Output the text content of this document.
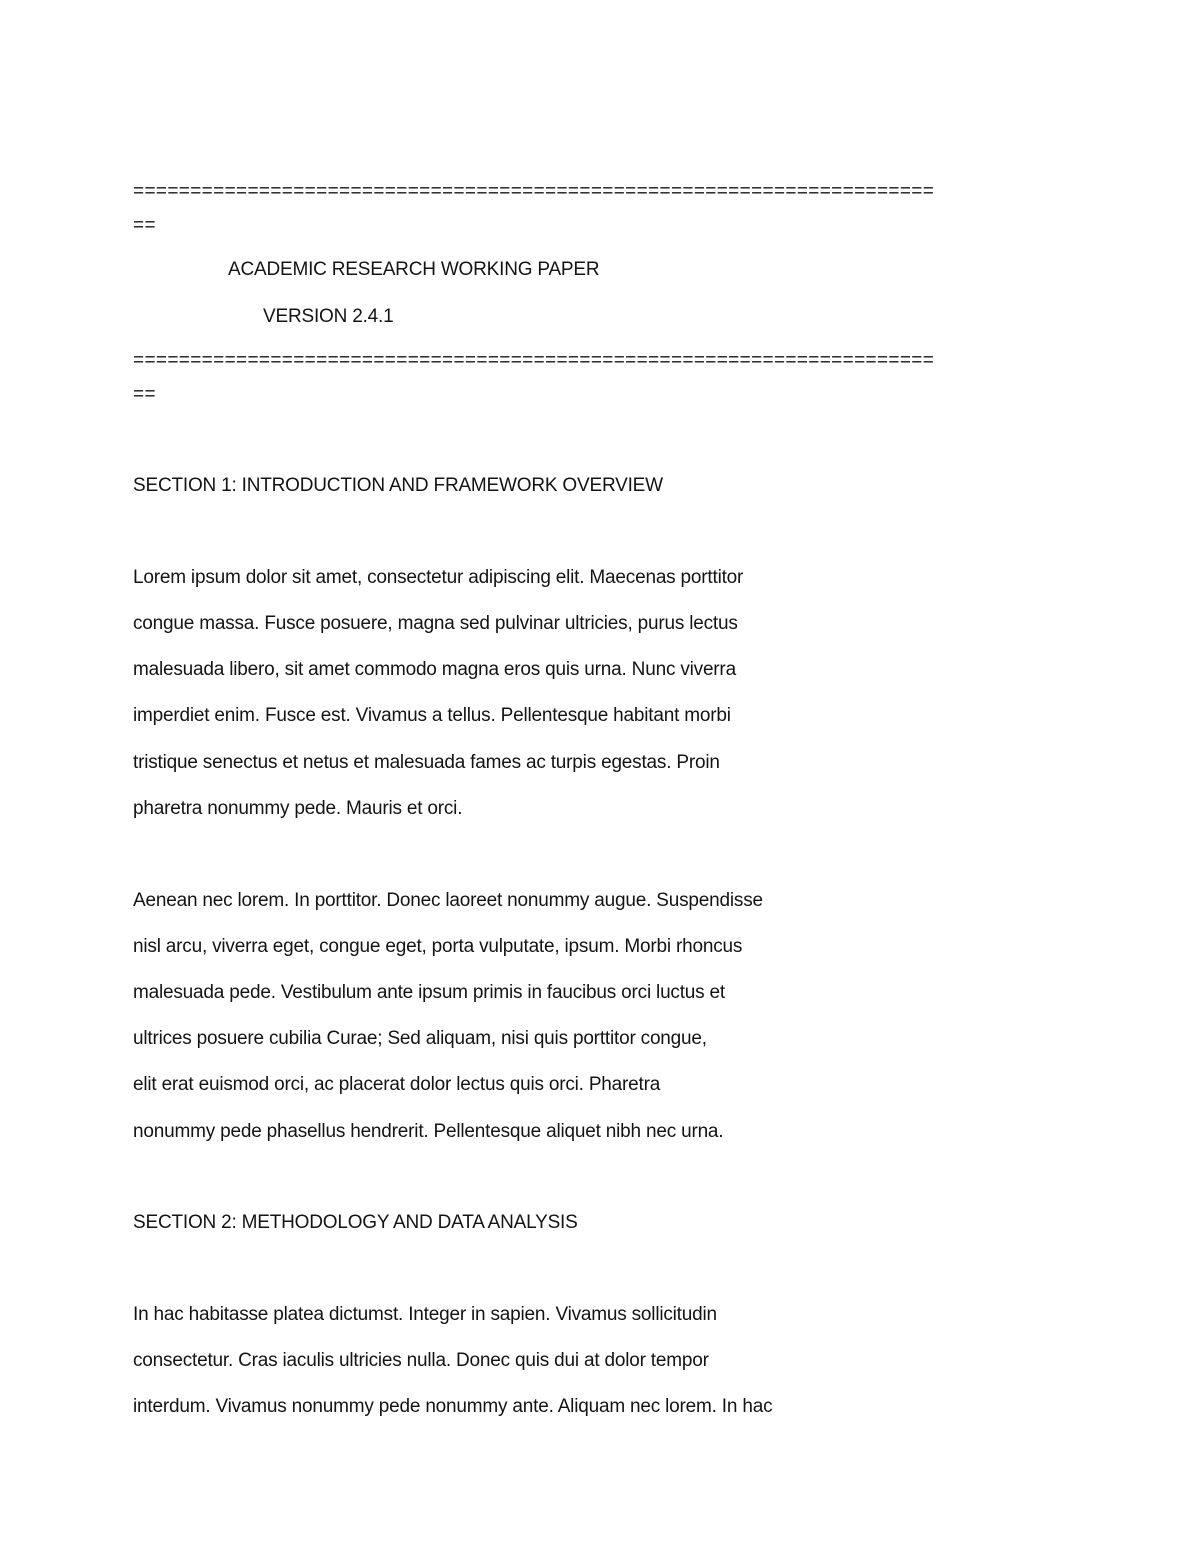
======================================================================
==
ACADEMIC RESEARCH WORKING PAPER
VERSION 2.4.1
======================================================================
==
SECTION 1: INTRODUCTION AND FRAMEWORK OVERVIEW
Lorem ipsum dolor sit amet, consectetur adipiscing elit. Maecenas porttitor
congue massa. Fusce posuere, magna sed pulvinar ultricies, purus lectus
malesuada libero, sit amet commodo magna eros quis urna. Nunc viverra
imperdiet enim. Fusce est. Vivamus a tellus. Pellentesque habitant morbi
tristique senectus et netus et malesuada fames ac turpis egestas. Proin
pharetra nonummy pede. Mauris et orci.
Aenean nec lorem. In porttitor. Donec laoreet nonummy augue. Suspendisse
nisl arcu, viverra eget, congue eget, porta vulputate, ipsum. Morbi rhoncus
malesuada pede. Vestibulum ante ipsum primis in faucibus orci luctus et
ultrices posuere cubilia Curae; Sed aliquam, nisi quis porttitor congue,
elit erat euismod orci, ac placerat dolor lectus quis orci. Pharetra
nonummy pede phasellus hendrerit. Pellentesque aliquet nibh nec urna.
SECTION 2: METHODOLOGY AND DATA ANALYSIS
In hac habitasse platea dictumst. Integer in sapien. Vivamus sollicitudin
consectetur. Cras iaculis ultricies nulla. Donec quis dui at dolor tempor
interdum. Vivamus nonummy pede nonummy ante. Aliquam nec lorem. In hac
